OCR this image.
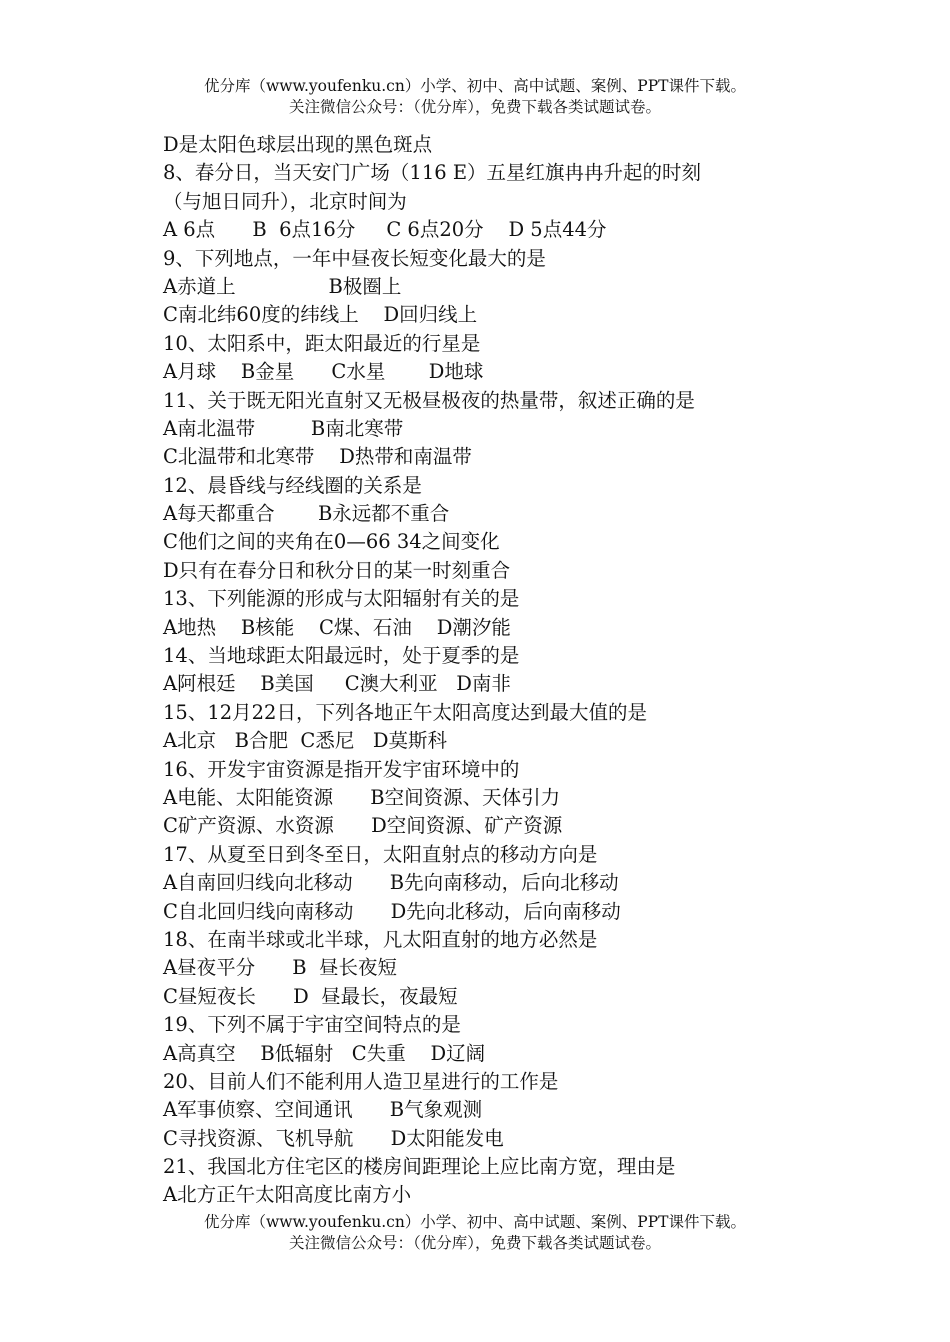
优分库（www.youfenku.cn）小学、初中、高中试题、案例、PPT课件下载。
关注微信公众号：（优分库），免费下载各类试题试卷。
D是太阳色球层出现的黑色斑点
8、春分日，当天安门广场（116 E）五星红旗冉冉升起的时刻
（与旭日同升），北京时间为
A 6点      B  6点16分     C 6点20分    D 5点44分
9、下列地点，一年中昼夜长短变化最大的是
A赤道上               B极圈上
C南北纬60度的纬线上    D回归线上
10、太阳系中，距太阳最近的行星是
A月球    B金星      C水星       D地球
11、关于既无阳光直射又无极昼极夜的热量带，叙述正确的是
A南北温带         B南北寒带
C北温带和北寒带    D热带和南温带
12、晨昏线与经线圈的关系是
A每天都重合       B永远都不重合
C他们之间的夹角在0—66 34之间变化
D只有在春分日和秋分日的某一时刻重合
13、下列能源的形成与太阳辐射有关的是
A地热    B核能    C煤、石油    D潮汐能
14、当地球距太阳最远时，处于夏季的是
A阿根廷    B美国     C澳大利亚   D南非
15、12月22日，下列各地正午太阳高度达到最大值的是
A北京   B合肥  C悉尼   D莫斯科
16、开发宇宙资源是指开发宇宙环境中的
A电能、太阳能资源      B空间资源、天体引力
C矿产资源、水资源      D空间资源、矿产资源
17、从夏至日到冬至日，太阳直射点的移动方向是
A自南回归线向北移动      B先向南移动，后向北移动
C自北回归线向南移动      D先向北移动，后向南移动
18、在南半球或北半球，凡太阳直射的地方必然是
A昼夜平分      B  昼长夜短
C昼短夜长      D  昼最长，夜最短
19、下列不属于宇宙空间特点的是
A高真空    B低辐射   C失重    D辽阔
20、目前人们不能利用人造卫星进行的工作是
A军事侦察、空间通讯      B气象观测
C寻找资源、飞机导航      D太阳能发电
21、我国北方住宅区的楼房间距理论上应比南方宽，理由是
A北方正午太阳高度比南方小
优分库（www.youfenku.cn）小学、初中、高中试题、案例、PPT课件下载。
关注微信公众号：（优分库），免费下载各类试题试卷。
